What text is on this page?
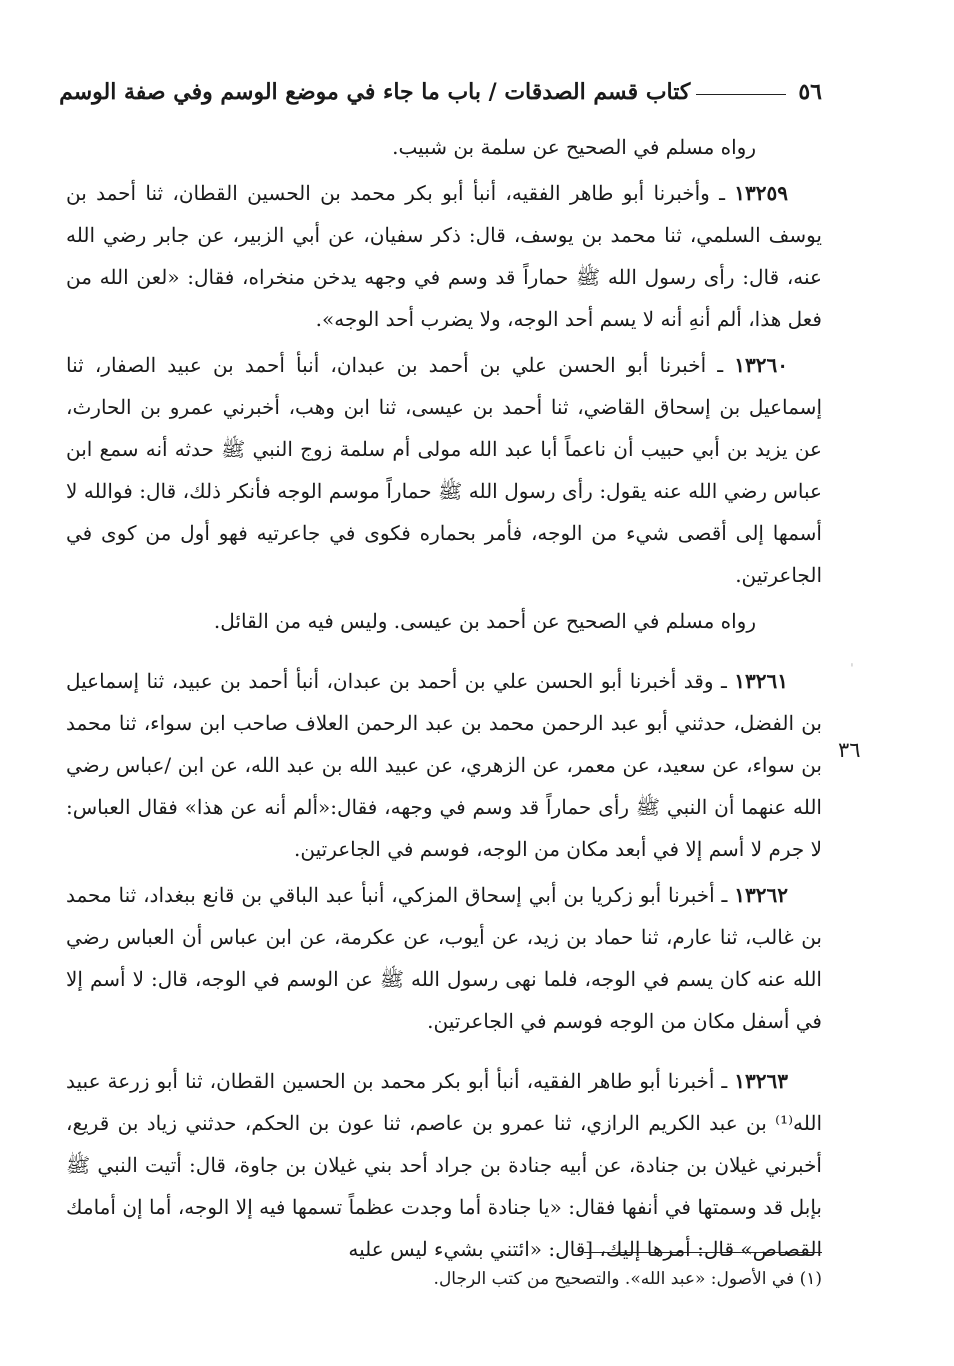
٥٦
كتاب قسم الصدقات / باب ما جاء في موضع الوسم وفي صفة الوسم
ˈ
٣٦

رواه مسلم في الصحيح عن سلمة بن شبيب.

١٣٢٥٩ ـ وأخبرنا أبو طاهر الفقيه، أنبأ أبو بكر محمد بن الحسين القطان، ثنا أحمد بن يوسف السلمي، ثنا محمد بن يوسف، قال: ذكر سفيان، عن أبي الزبير، عن جابر رضي الله عنه، قال: رأى رسول الله ﷺ حماراً قد وسم في وجهه يدخن منخراه، فقال: «لعن الله من فعل هذا، ألم أنهِ أنه لا يسم أحد الوجه، ولا يضرب أحد الوجه».

١٣٢٦٠ ـ أخبرنا أبو الحسن علي بن أحمد بن عبدان، أنبأ أحمد بن عبيد الصفار، ثنا إسماعيل بن إسحاق القاضي، ثنا أحمد بن عيسى، ثنا ابن وهب، أخبرني عمرو بن الحارث، عن يزيد بن أبي حبيب أن ناعماً أبا عبد الله مولى أم سلمة زوج النبي ﷺ حدثه أنه سمع ابن عباس رضي الله عنه يقول: رأى رسول الله ﷺ حماراً موسم الوجه فأنكر ذلك، قال: فوالله لا أسمها إلى أقصى شيء من الوجه، فأمر بحماره فكوى في جاعرتيه فهو أول من كوى في الجاعرتين.

رواه مسلم في الصحيح عن أحمد بن عيسى. وليس فيه من القائل.

١٣٢٦١ ـ وقد أخبرنا أبو الحسن علي بن أحمد بن عبدان، أنبأ أحمد بن عبيد، ثنا إسماعيل بن الفضل، حدثني أبو عبد الرحمن محمد بن عبد الرحمن العلاف صاحب ابن سواء، ثنا محمد بن سواء، عن سعيد، عن معمر، عن الزهري، عن عبيد الله بن عبد الله، عن ابن /عباس رضي الله عنهما أن النبي ﷺ رأى حماراً قد وسم في وجهه، فقال:«ألم أنه عن هذا» فقال العباس: لا جرم لا أسم إلا في أبعد مكان من الوجه، فوسم في الجاعرتين.

١٣٢٦٢ ـ أخبرنا أبو زكريا بن أبي إسحاق المزكي، أنبأ عبد الباقي بن قانع ببغداد، ثنا محمد بن غالب، ثنا عارم، ثنا حماد بن زيد، عن أيوب، عن عكرمة، عن ابن عباس أن العباس رضي الله عنه كان يسم في الوجه، فلما نهى رسول الله ﷺ عن الوسم في الوجه، قال: لا أسم إلا في أسفل مكان من الوجه فوسم في الجاعرتين.

١٣٢٦٣ ـ أخبرنا أبو طاهر الفقيه، أنبأ أبو بكر محمد بن الحسين القطان، ثنا أبو زرعة عبيد الله⁽¹⁾ بن عبد الكريم الرازي، ثنا عمرو بن عاصم، ثنا عون بن الحكم، حدثني زياد بن قريع، أخبرني غيلان بن جنادة، عن أبيه جنادة بن جراد أحد بني غيلان بن جاوة، قال: أتيت النبي ﷺ بإبل قد وسمتها في أنفها فقال: «يا جنادة أما وجدت عظماً تسمها فيه إلا الوجه، أما إن أمامك القصاص» قال: أمرها إليك، [قال: «ائتني بشيء ليس عليه

(١) في الأصول: «عبد الله». والتصحيح من كتب الرجال.
